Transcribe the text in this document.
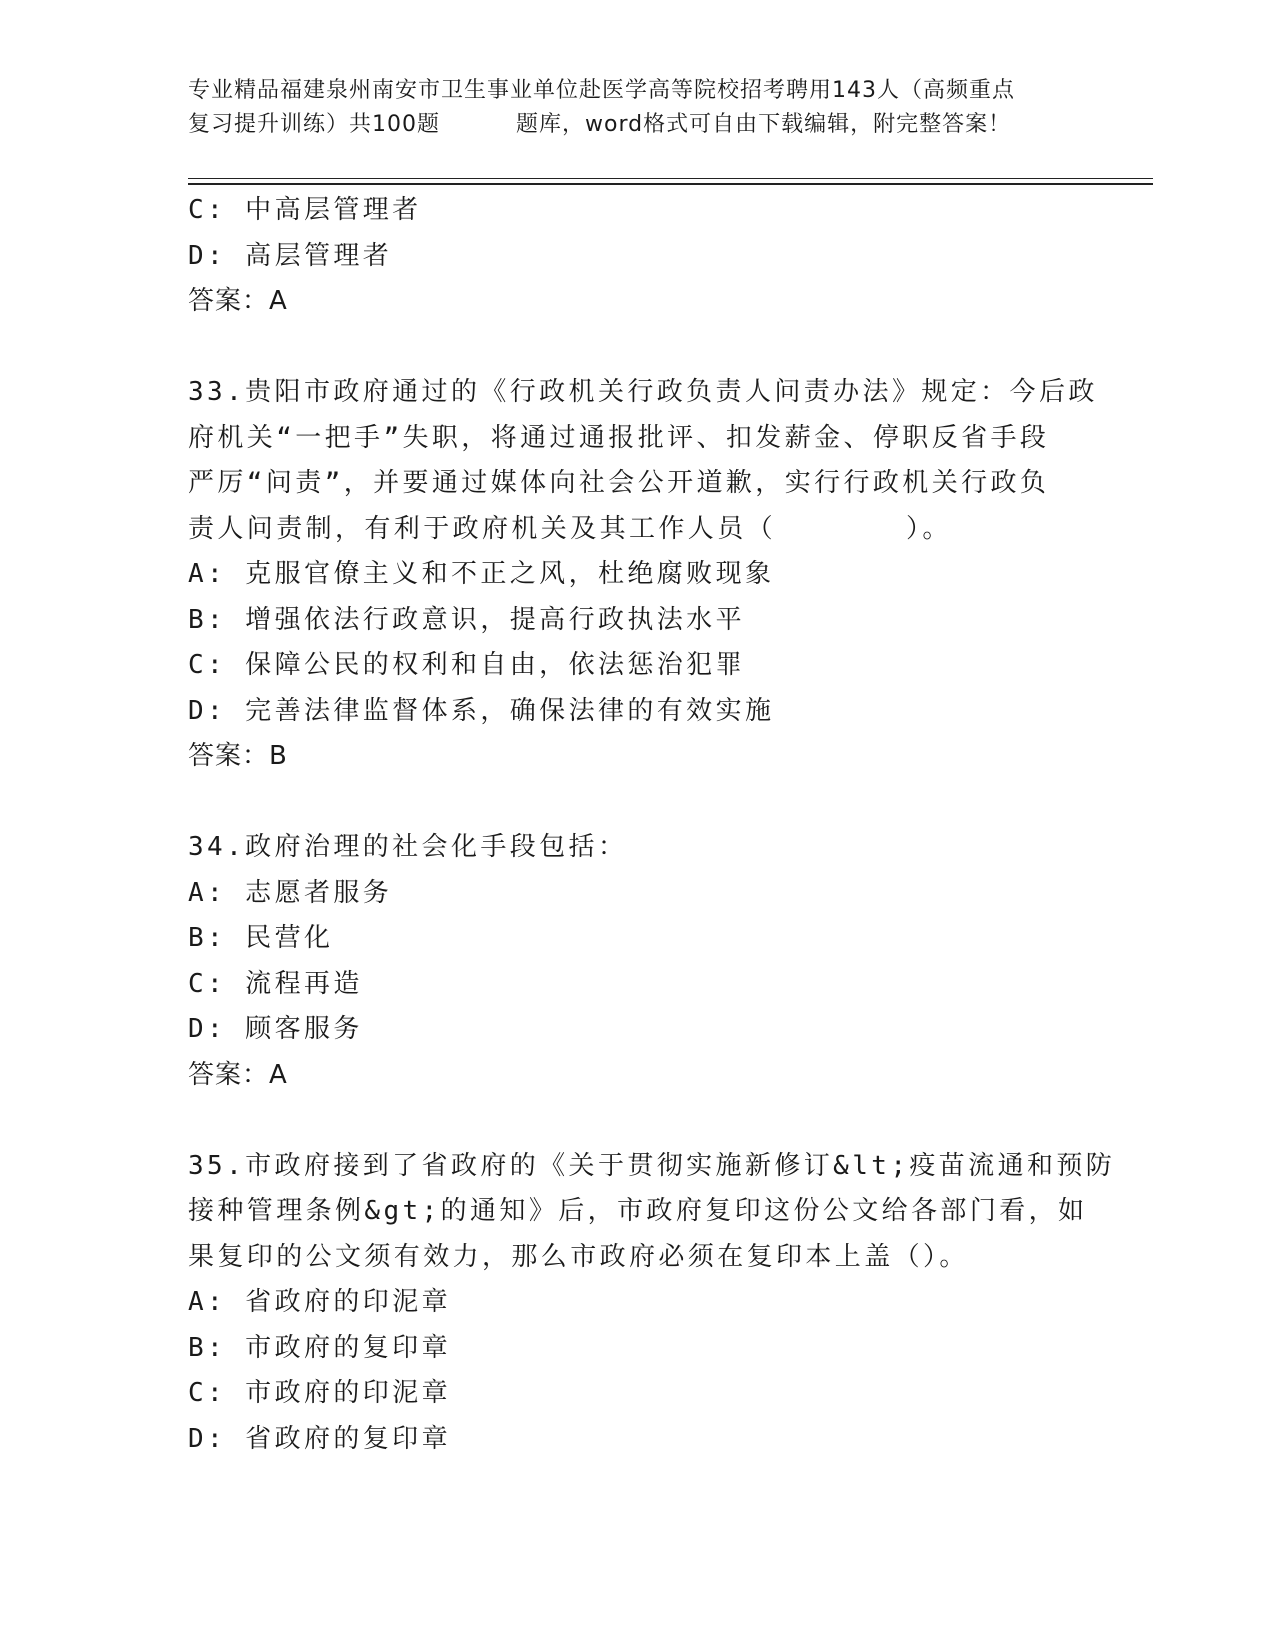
专业精品福建泉州南安市卫生事业单位赴医学高等院校招考聘用143人（高频重点
复习提升训练）共100题	题库，word格式可自由下载编辑，附完整答案！
C: 中高层管理者
D: 高层管理者
答案：A
33.贵阳市政府通过的《行政机关行政负责人问责办法》规定：今后政
府机关“一把手”失职，将通过通报批评、扣发薪金、停职反省手段
严厉“问责”，并要通过媒体向社会公开道歉，实行行政机关行政负
责人问责制，有利于政府机关及其工作人员（	）。
A: 克服官僚主义和不正之风，杜绝腐败现象
B: 增强依法行政意识，提高行政执法水平
C: 保障公民的权利和自由，依法惩治犯罪
D: 完善法律监督体系，确保法律的有效实施
答案：B
34.政府治理的社会化手段包括：
A: 志愿者服务
B: 民营化
C: 流程再造
D: 顾客服务
答案：A
35.市政府接到了省政府的《关于贯彻实施新修订&lt;疫苗流通和预防
接种管理条例&gt;的通知》后，市政府复印这份公文给各部门看，如
果复印的公文须有效力，那么市政府必须在复印本上盖（）。
A: 省政府的印泥章
B: 市政府的复印章
C: 市政府的印泥章
D: 省政府的复印章
